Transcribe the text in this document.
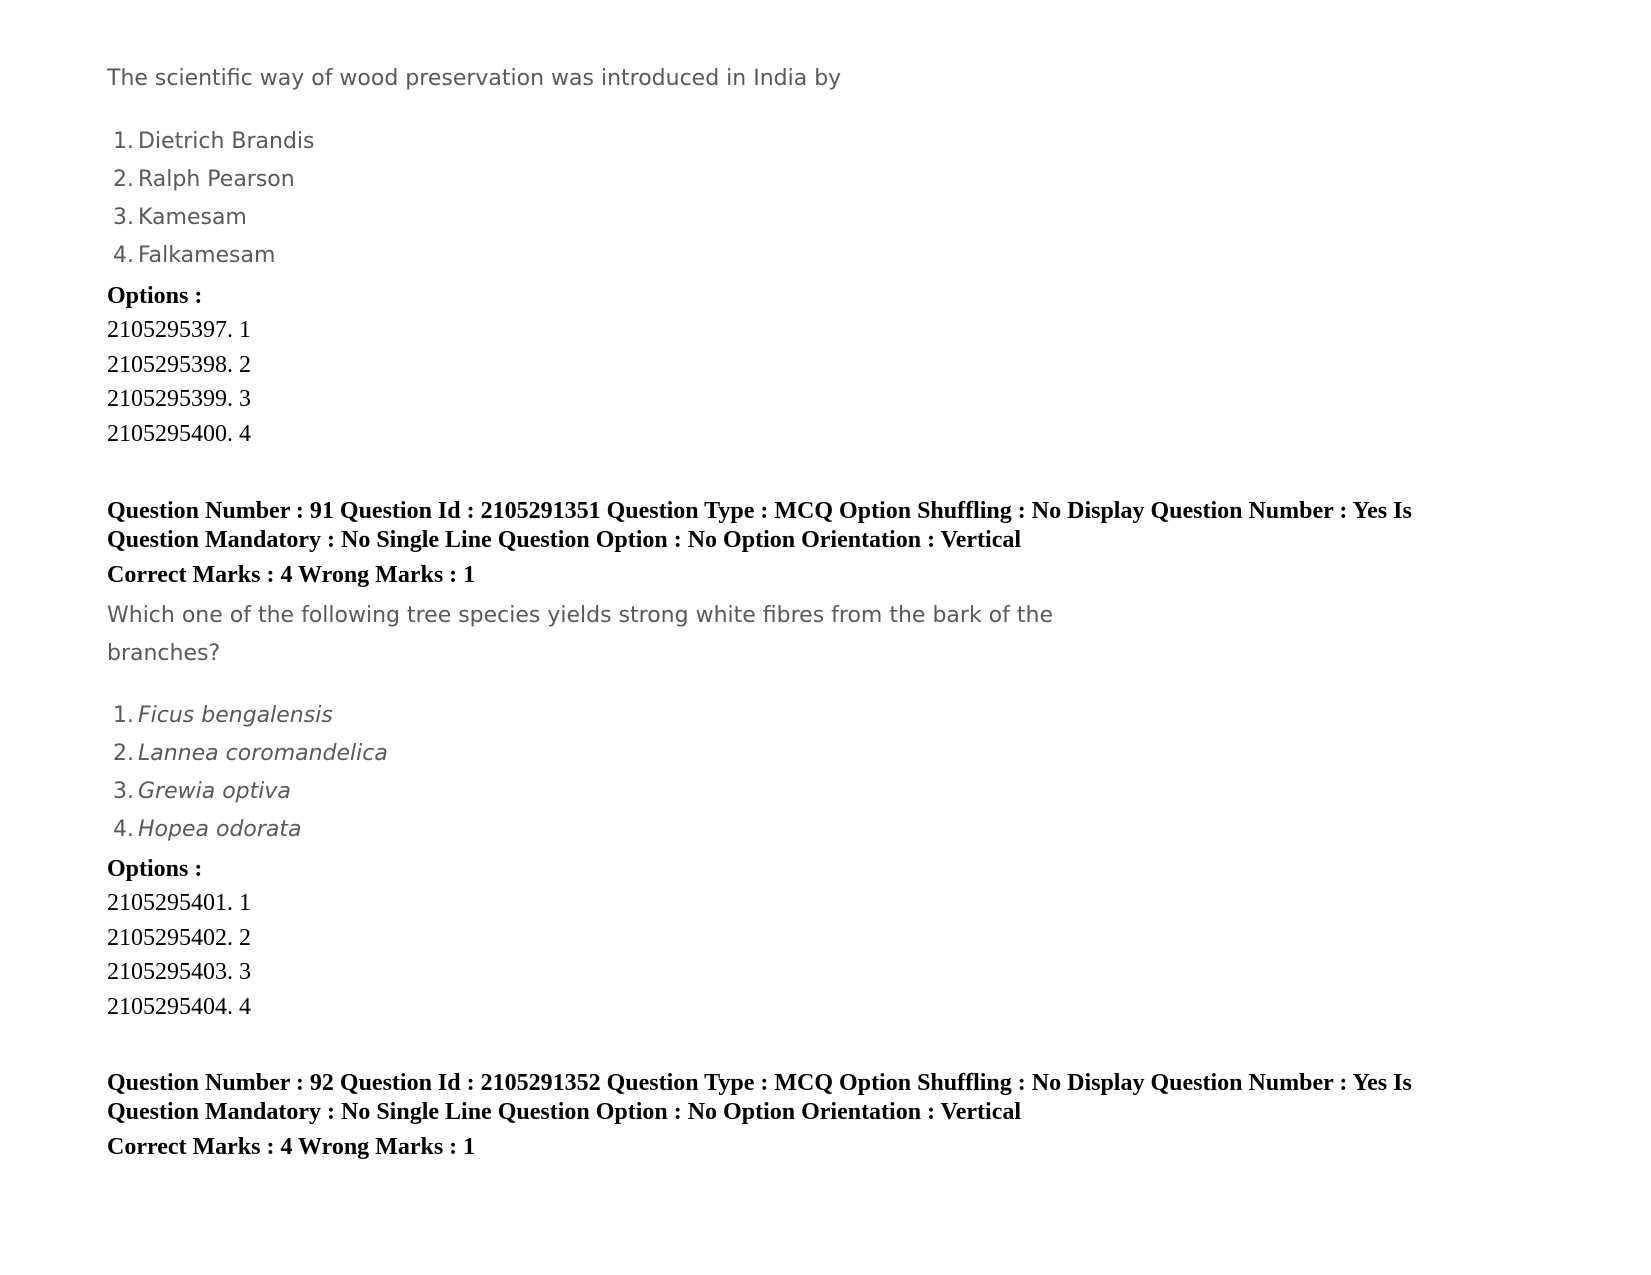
The scientific way of wood preservation was introduced in India by
1. Dietrich Brandis
2. Ralph Pearson
3. Kamesam
4. Falkamesam
Options :
2105295397. 1
2105295398. 2
2105295399. 3
2105295400. 4
Question Number : 91 Question Id : 2105291351 Question Type : MCQ Option Shuffling : No Display Question Number : Yes Is
Question Mandatory : No Single Line Question Option : No Option Orientation : Vertical
Correct Marks : 4 Wrong Marks : 1
Which one of the following tree species yields strong white fibres from the bark of the
branches?
1. Ficus bengalensis
2. Lannea coromandelica
3. Grewia optiva
4. Hopea odorata
Options :
2105295401. 1
2105295402. 2
2105295403. 3
2105295404. 4
Question Number : 92 Question Id : 2105291352 Question Type : MCQ Option Shuffling : No Display Question Number : Yes Is
Question Mandatory : No Single Line Question Option : No Option Orientation : Vertical
Correct Marks : 4 Wrong Marks : 1
